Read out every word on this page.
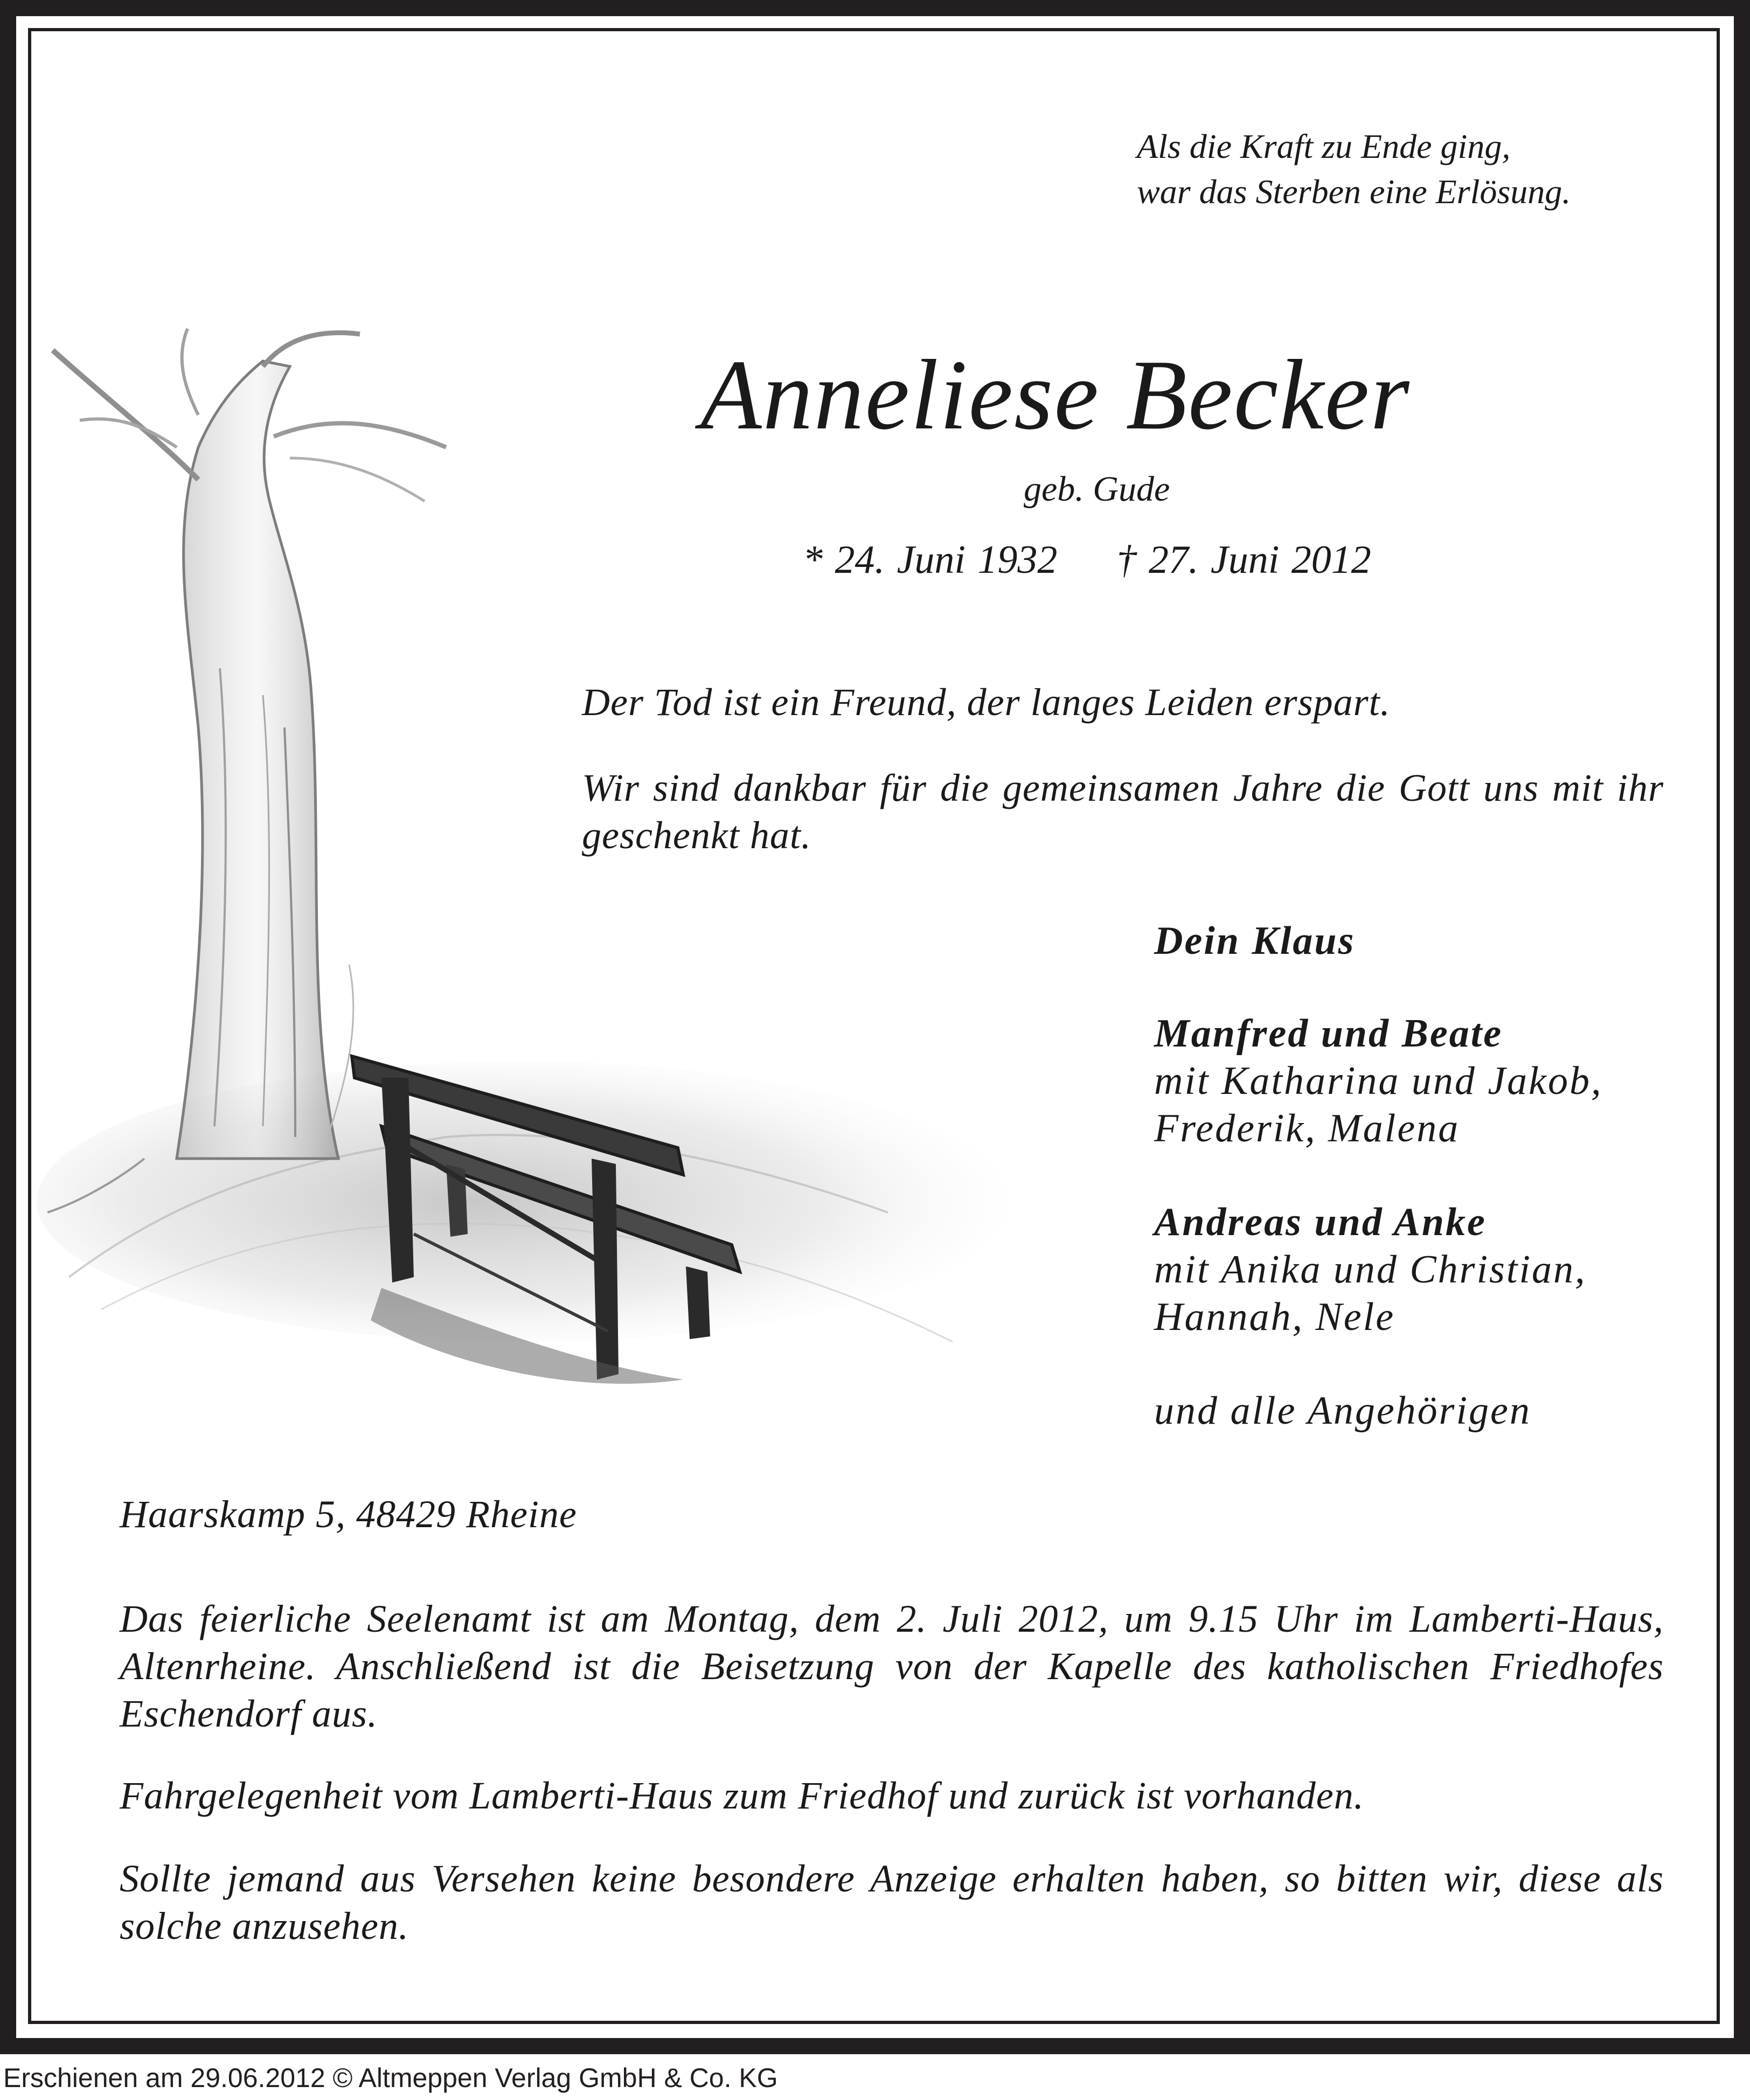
Als die Kraft zu Ende ging,
war das Sterben eine Erlösung.

Anneliese Becker

geb. Gude

* 24. Juni 1932 † 27. Juni 2012

Der Tod ist ein Freund, der langes Leiden erspart.

Wir sind dankbar für die gemeinsamen Jahre die Gott uns mit ihr geschenkt hat.

Dein Klaus
Manfred und Beate
mit Katharina und Jakob,
Frederik, Malena
Andreas und Anke
mit Anika und Christian,
Hannah, Nele
und alle Angehörigen

Haarskamp 5, 48429 Rheine

Das feierliche Seelenamt ist am Montag, dem 2. Juli 2012, um 9.15 Uhr im Lamberti-Haus, Altenrheine. Anschließend ist die Beisetzung von der Kapelle des katholischen Friedhofes Eschendorf aus.

Fahrgelegenheit vom Lamberti-Haus zum Friedhof und zurück ist vorhanden.

Sollte jemand aus Versehen keine besondere Anzeige erhalten haben, so bitten wir, diese als solche anzusehen.

Erschienen am 29.06.2012 © Altmeppen Verlag GmbH & Co. KG
